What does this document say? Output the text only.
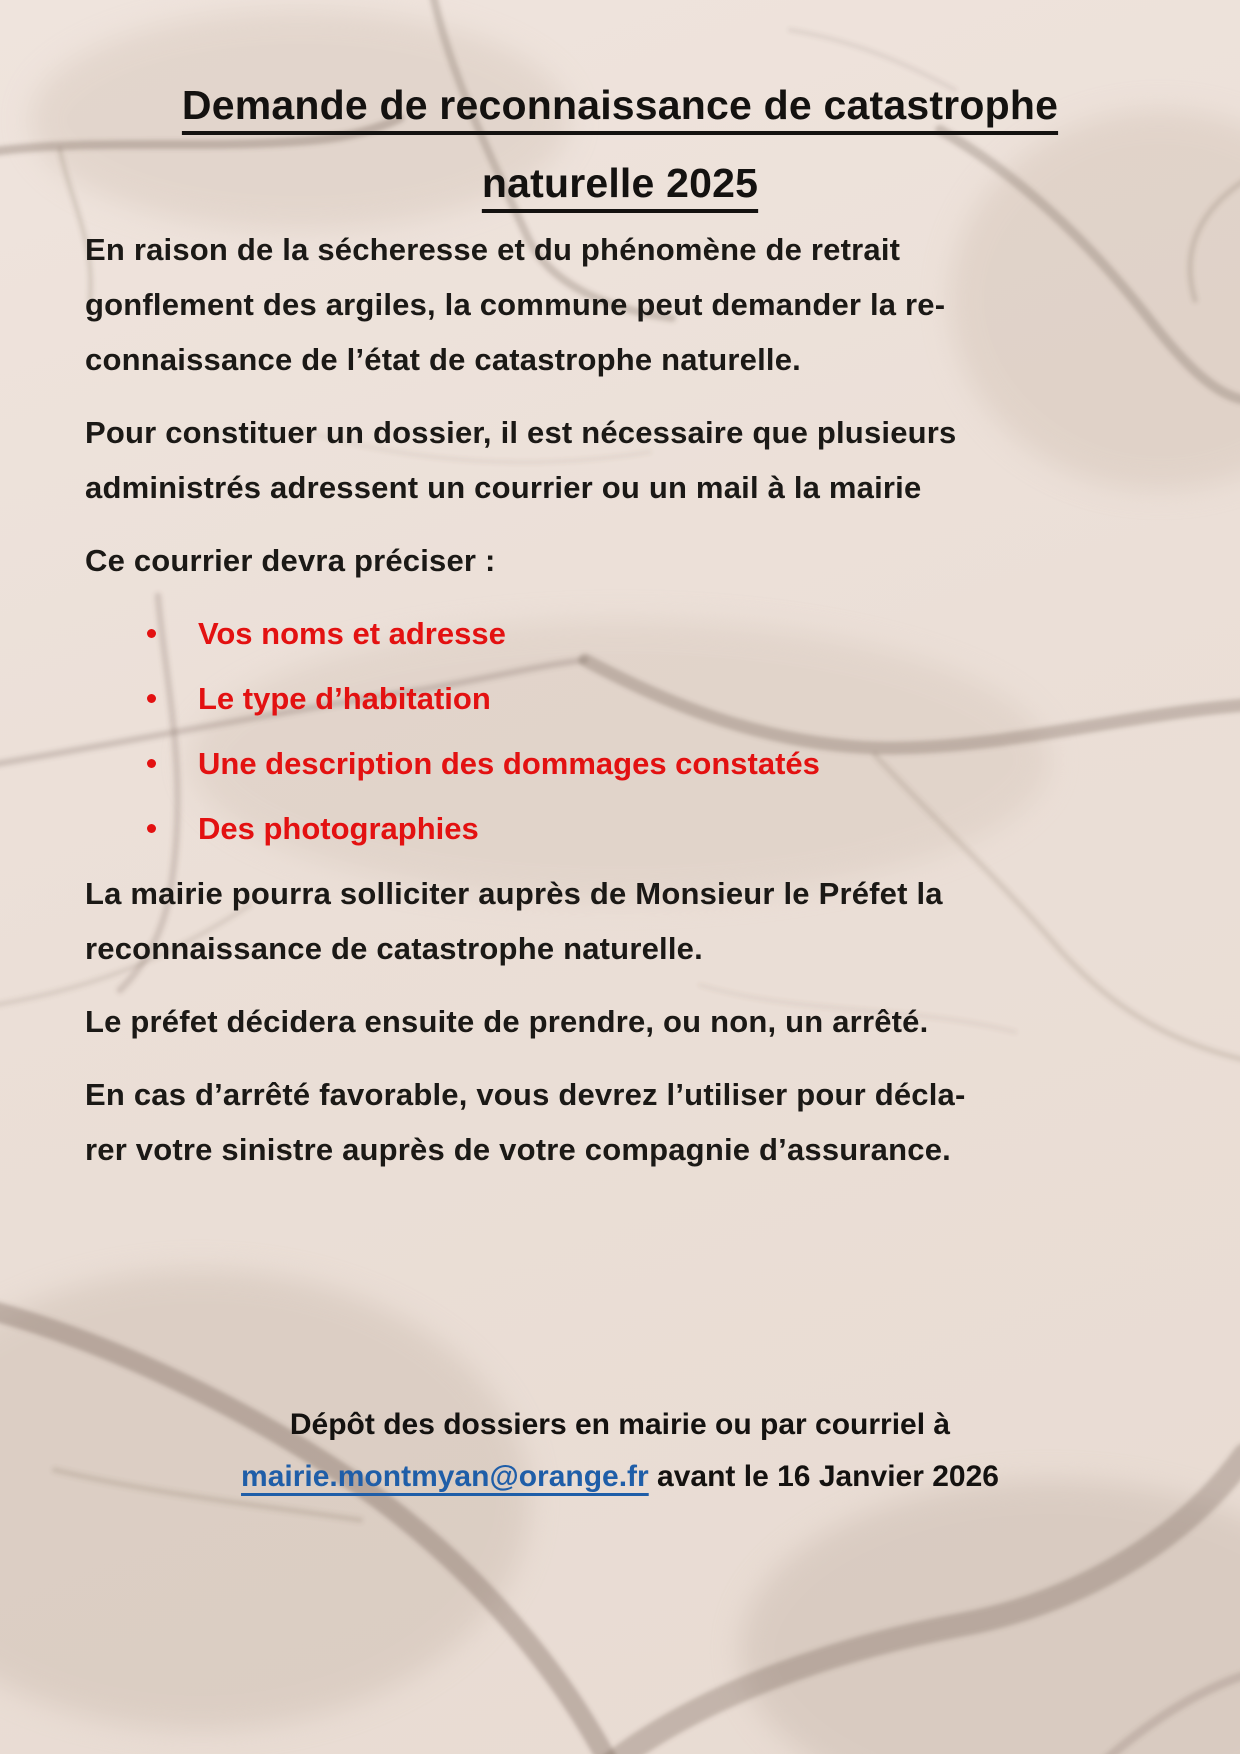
Demande de reconnaissance de catastrophe
naturelle 2025

En raison de la sécheresse et du phénomène de retrait
gonflement des argiles, la commune peut demander la re-
connaissance de l’état de catastrophe naturelle.

Pour constituer un dossier, il est nécessaire que plusieurs
administrés adressent un courrier ou un mail à la mairie

Ce courrier devra préciser :

Vos noms et adresse
Le type d’habitation
Une description des dommages constatés
Des photographies

La mairie pourra solliciter auprès de Monsieur le Préfet la
reconnaissance de catastrophe naturelle.

Le préfet décidera ensuite de prendre, ou non, un arrêté.

En cas d’arrêté favorable, vous devrez l’utiliser pour décla-
rer votre sinistre auprès de votre compagnie d’assurance.

Dépôt des dossiers en mairie ou par courriel à
mairie.montmyan@orange.fr avant le 16 Janvier 2026
